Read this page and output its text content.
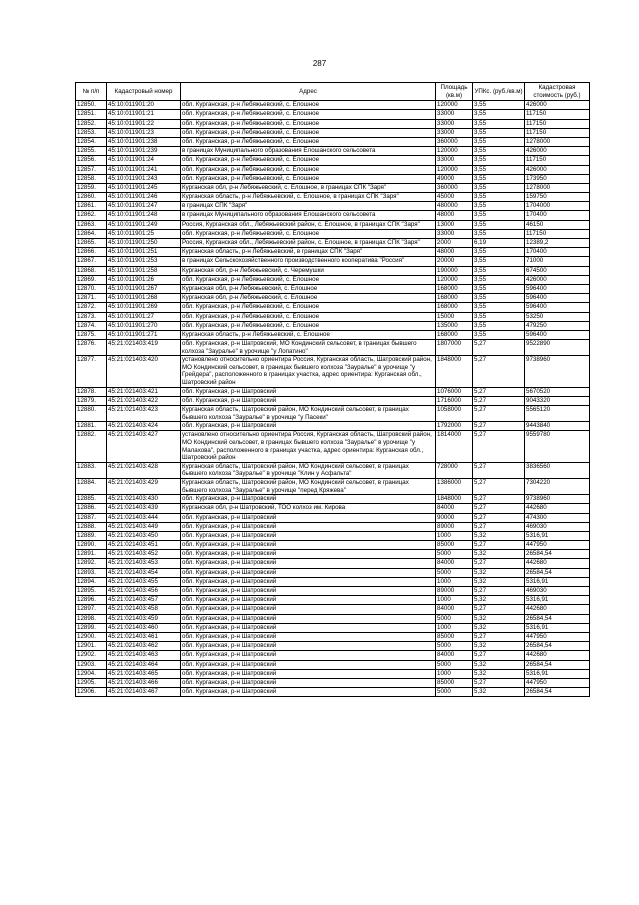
287
№ п/п	Кадастровый номер	Адрес	Площадь (кв.м)	УПКс. (руб./кв.м)	Кадастровая стоимость (руб.)
12850.	45:10:011901:20	обл. Курганская, р-н Лебяжьевский, с. Елошное	120000	3,55	426000
12851.	45:10:011901:21	обл. Курганская, р-н Лебяжьевский, с. Елошное	33000	3,55	117150
12852.	45:10:011901:22	обл. Курганская, р-н Лебяжьевский, с. Елошное	33000	3,55	117150
12853.	45:10:011901:23	обл. Курганская, р-н Лебяжьевский, с. Елошное	33000	3,55	117150
12854.	45:10:011901:238	обл. Курганская, р-н Лебяжьевский, с. Елошное	360000	3,55	1278000
12855.	45:10:011901:239	в границах Муниципального образования Елошанского сельсовета	120000	3,55	426000
12856.	45:10:011901:24	обл. Курганская, р-н Лебяжьевский, с. Елошное	33000	3,55	117150
12857.	45:10:011901:241	обл. Курганская, р-н Лебяжьевский, с. Елошное	120000	3,55	426000
12858.	45:10:011901:243	обл. Курганская, р-н Лебяжьевский, с. Елошное	49000	3,55	173950
12859.	45:10:011901:245	Курганская обл, р-н Лебяжьевский, с. Елошное, в границах СПК "Заря"	360000	3,55	1278000
12860.	45:10:011901:246	Курганская область, р-н Лебяжьевский, с. Елошное, в границах СПК "Заря"	45000	3,55	159750
12861.	45:10:011901:247	в границах СПК "Заря"	480000	3,55	1704000
12862.	45:10:011901:248	в границах Муниципального образования Елошанского сельсовета	48000	3,55	170400
12863.	45:10:011901:249	Россия, Курганская обл., Лебяжьевский район, с. Елошное, в границах СПК "Заря"	13000	3,55	46150
12864.	45:10:011901:25	обл. Курганская, р-н Лебяжьевский, с. Елошное	33000	3,55	117150
12865.	45:10:011901:250	Россия, Курганская обл., Лебяжьевский район, с. Елошное, в границах СПК "Заря"	2000	6,19	12389,2
12866.	45:10:011901:251	Курганская область, р-н Лебяжьевский, в границах СПК "Заря"	48000	3,55	170400
12867.	45:10:011901:253	в границах Сельскохозяйственного производственного кооператива "Россия"	20000	3,55	71000
12868.	45:10:011901:258	Курганская обл, р-н Лебяжьевский, с. Черемушки	190000	3,55	674500
12869.	45:10:011901:26	обл. Курганская, р-н Лебяжьевский, с. Елошное	120000	3,55	426000
12870.	45:10:011901:267	Курганская обл, р-н Лебяжьевский, с. Елошное	168000	3,55	596400
12871.	45:10:011901:268	Курганская обл, р-н Лебяжьевский, с. Елошное	168000	3,55	596400
12872.	45:10:011901:269	обл. Курганская, р-н Лебяжьевский, с. Елошное	168000	3,55	596400
12873.	45:10:011901:27	обл. Курганская, р-н Лебяжьевский, с. Елошное	15000	3,55	53250
12874.	45:10:011901:270	обл. Курганская, р-н Лебяжьевский, с. Елошное	135000	3,55	479250
12875.	45:10:011901:271	Курганская область, р-н Лебяжьевский, с. Елошное	168000	3,55	596400
12876.	45:21:021403:419	обл. Курганская, р-н Шатровский, МО Кондинский сельсовет, в границах бывшего колхоза "Зауралье" в урочище "у Лопатино"	1807000	5,27	9522890
12877.	45:21:021403:420	установлено относительно ориентира Россия, Курганская область, Шатровский район, МО Кондинский сельсовет, в границах бывшего колхоза "Зауралье" в урочище "у Грейдера", расположенного в границах участка, адрес ориентира: Курганская обл., Шатровский район	1848000	5,27	9738960
12878.	45:21:021403:421	обл. Курганская, р-н Шатровский	1076000	5,27	5670520
12879.	45:21:021403:422	обл. Курганская, р-н Шатровский	1716000	5,27	9043320
12880.	45:21:021403:423	Курганская область, Шатровский район, МО Кондинский сельсовет, в границах бывшего колхоза "Зауралье" в урочище "у Пасеки"	1058000	5,27	5565120
12881.	45:21:021403:424	обл. Курганская, р-н Шатровский	1792000	5,27	9443840
12882.	45:21:021403:427	установлено относительно ориентира Россия, Курганская область, Шатровский район, МО Кондинский сельсовет, в границах бывшего колхоза "Зауралье" в урочище "у Малахова", расположенного в границах участка, адрес ориентира: Курганская обл., Шатровский район	1814000	5,27	9559780
12883.	45:21:021403:428	Курганская область, Шатровский район, МО Кондинский сельсовет, в границах бывшего колхоза "Зауралье" в урочище "Клин у Асфальта"	728000	5,27	3836560
12884.	45:21:021403:429	Курганская область, Шатровский район, МО Кондинский сельсовет, в границах бывшего колхоза "Зауралье" в урочище "перед Кряжева"	1386000	5,27	7304220
12885.	45:21:021403:430	обл. Курганская, р-н Шатровский	1848000	5,27	9738960
12886.	45:21:021403:439	Курганская обл, р-н Шатровский, ТОО колхоз им. Кирова	84000	5,27	442680
12887.	45:21:021403:444	обл. Курганская, р-н Шатровский	90000	5,27	474300
12888.	45:21:021403:449	обл. Курганская, р-н Шатровский	89000	5,27	469030
12889.	45:21:021403:450	обл. Курганская, р-н Шатровский	1000	5,32	5316,91
12890.	45:21:021403:451	обл. Курганская, р-н Шатровский	85000	5,27	447950
12891.	45:21:021403:452	обл. Курганская, р-н Шатровский	5000	5,32	26584,54
12892.	45:21:021403:453	обл. Курганская, р-н Шатровский	84000	5,27	442680
12893.	45:21:021403:454	обл. Курганская, р-н Шатровский	5000	5,32	26584,54
12894.	45:21:021403:455	обл. Курганская, р-н Шатровский	1000	5,32	5316,91
12895.	45:21:021403:456	обл. Курганская, р-н Шатровский	89000	5,27	469030
12896.	45:21:021403:457	обл. Курганская, р-н Шатровский	1000	5,32	5316,91
12897.	45:21:021403:458	обл. Курганская, р-н Шатровский	84000	5,27	442680
12898.	45:21:021403:459	обл. Курганская, р-н Шатровский	5000	5,32	26584,54
12899.	45:21:021403:460	обл. Курганская, р-н Шатровский	1000	5,32	5316,91
12900.	45:21:021403:461	обл. Курганская, р-н Шатровский	85000	5,27	447950
12901.	45:21:021403:462	обл. Курганская, р-н Шатровский	5000	5,32	26584,54
12902.	45:21:021403:463	обл. Курганская, р-н Шатровский	84000	5,27	442680
12903.	45:21:021403:464	обл. Курганская, р-н Шатровский	5000	5,32	26584,54
12904.	45:21:021403:465	обл. Курганская, р-н Шатровский	1000	5,32	5316,91
12905.	45:21:021403:466	обл. Курганская, р-н Шатровский	85000	5,27	447950
12906.	45:21:021403:467	обл. Курганская, р-н Шатровский	5000	5,32	26584,54
